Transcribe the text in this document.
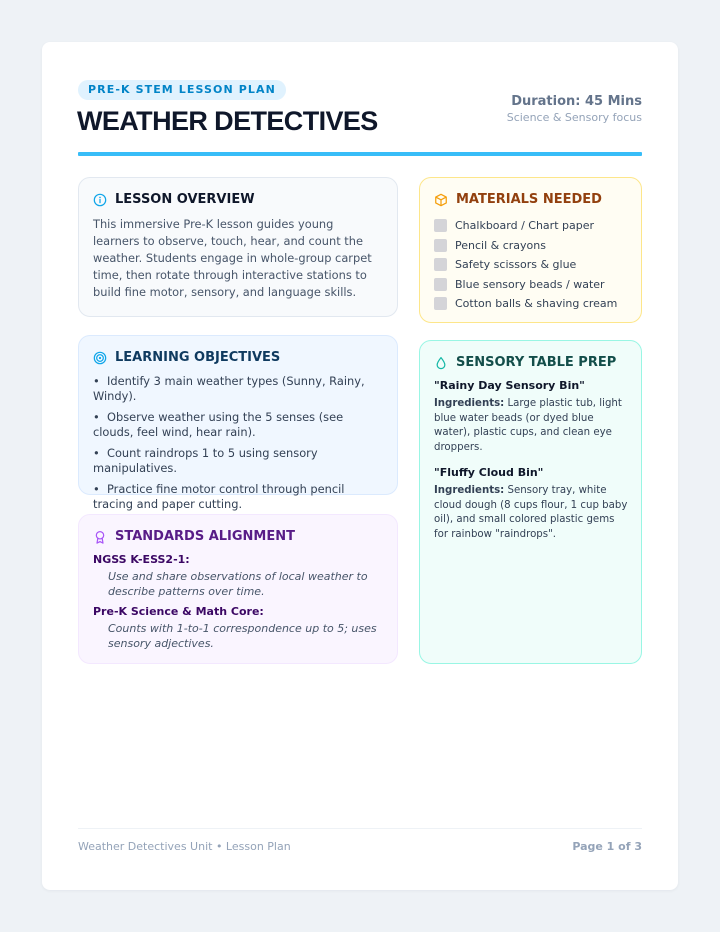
PRE-K STEM LESSON PLAN
WEATHER DETECTIVES
Duration: 45 Mins
Science & Sensory focus
LESSON OVERVIEW

This immersive Pre-K lesson guides young learners to observe, touch, hear, and count the weather. Students engage in whole-group carpet time, then rotate through interactive stations to build fine motor, sensory, and language skills.

LEARNING OBJECTIVES
• Identify 3 main weather types (Sunny, Rainy, Windy).
• Observe weather using the 5 senses (see clouds, feel wind, hear rain).
• Count raindrops 1 to 5 using sensory manipulatives.
• Practice fine motor control through pencil tracing and paper cutting.
STANDARDS ALIGNMENT
NGSS K-ESS2-1:
Use and share observations of local weather to describe patterns over time.
Pre-K Science & Math Core:
Counts with 1-to-1 correspondence up to 5; uses sensory adjectives.
MATERIALS NEEDED
Chalkboard / Chart paper
Pencil & crayons
Safety scissors & glue
Blue sensory beads / water
Cotton balls & shaving cream
SENSORY TABLE PREP
"Rainy Day Sensory Bin"
Ingredients: Large plastic tub, light blue water beads (or dyed blue water), plastic cups, and clean eye droppers.
"Fluffy Cloud Bin"
Ingredients: Sensory tray, white cloud dough (8 cups flour, 1 cup baby oil), and small colored plastic gems for rainbow "raindrops".
Weather Detectives Unit • Lesson Plan	Page 1 of 3
